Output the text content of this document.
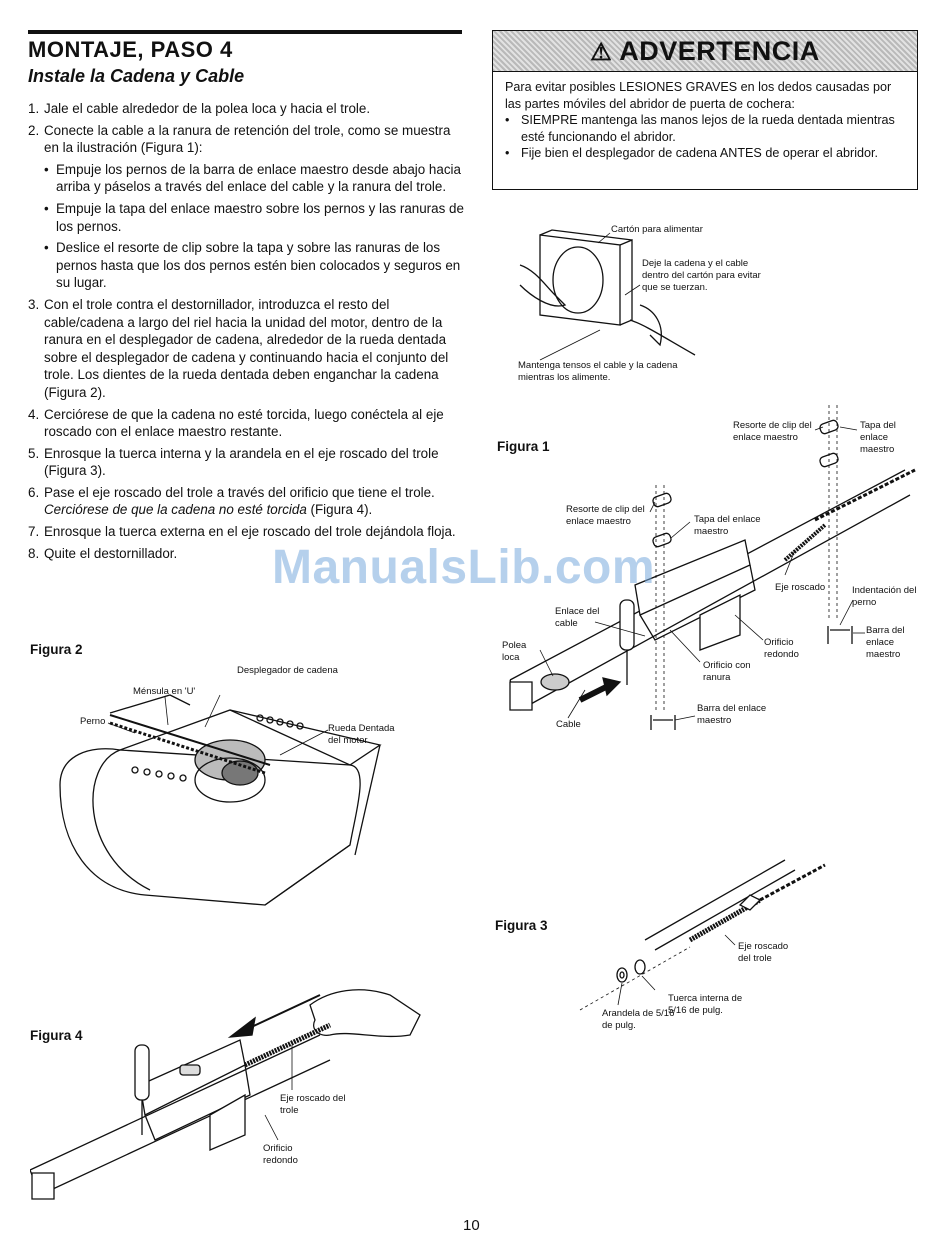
MONTAJE, PASO 4
Instale la Cadena y Cable
1. Jale el cable alrededor de la polea loca y hacia el trole.
2. Conecte la cable a la ranura de retención del trole, como se muestra en la ilustración (Figura 1):
• Empuje los pernos de la barra de enlace maestro desde abajo hacia arriba y páselos a través del enlace del cable y la ranura del trole.
• Empuje la tapa del enlace maestro sobre los pernos y las ranuras de los pernos.
• Deslice el resorte de clip sobre la tapa y sobre las ranuras de los pernos hasta que los dos pernos estén bien colocados y seguros en su lugar.
3. Con el trole contra el destornillador, introduzca el resto del cable/cadena a largo del riel hacia la unidad del motor, dentro de la ranura en el desplegador de cadena, alrededor de la rueda dentada sobre el desplegador de cadena y continuando hacia el conjunto del trole. Los dientes de la rueda dentada deben enganchar la cadena (Figura 2).
4. Cerciórese de que la cadena no esté torcida, luego conéctela al eje roscado con el enlace maestro restante.
5. Enrosque la tuerca interna y la arandela en el eje roscado del trole (Figura 3).
6. Pase el eje roscado del trole a través del orificio que tiene el trole. Cerciórese de que la cadena no esté torcida (Figura 4).
7. Enrosque la tuerca externa en el eje roscado del trole dejándola floja.
8. Quite el destornillador.
Figura 2
Desplegador de cadena
Ménsula en 'U'
Perno
Rueda Dentada del motor
Figura 4
Eje roscado del trole
Orificio redondo
⚠ ADVERTENCIA
Para evitar posibles LESIONES GRAVES en los dedos causadas por las partes móviles del abridor de puerta de cochera:
• SIEMPRE mantenga las manos lejos de la rueda dentada mientras esté funcionando el abridor.
• Fije bien el desplegador de cadena ANTES de operar el abridor.
Cartón para alimentar
Deje la cadena y el cable dentro del cartón para evitar que se tuerzan.
Mantenga tensos el cable y la cadena mientras los alimente.
Figura 1
Resorte de clip del enlace maestro
Tapa del enlace maestro
Resorte de clip del enlace maestro	Tapa del enlace maestro
Eje roscado	Indentación del perno
Barra del enlace maestro
Enlace del cable
Polea loca
Orificio redondo
Orificio con ranura
Barra del enlace maestro
Cable
Figura 3
Eje roscado del trole
Tuerca interna de 5/16 de pulg.
Arandela de 5/16 de pulg.
ManualsLib.com
10
